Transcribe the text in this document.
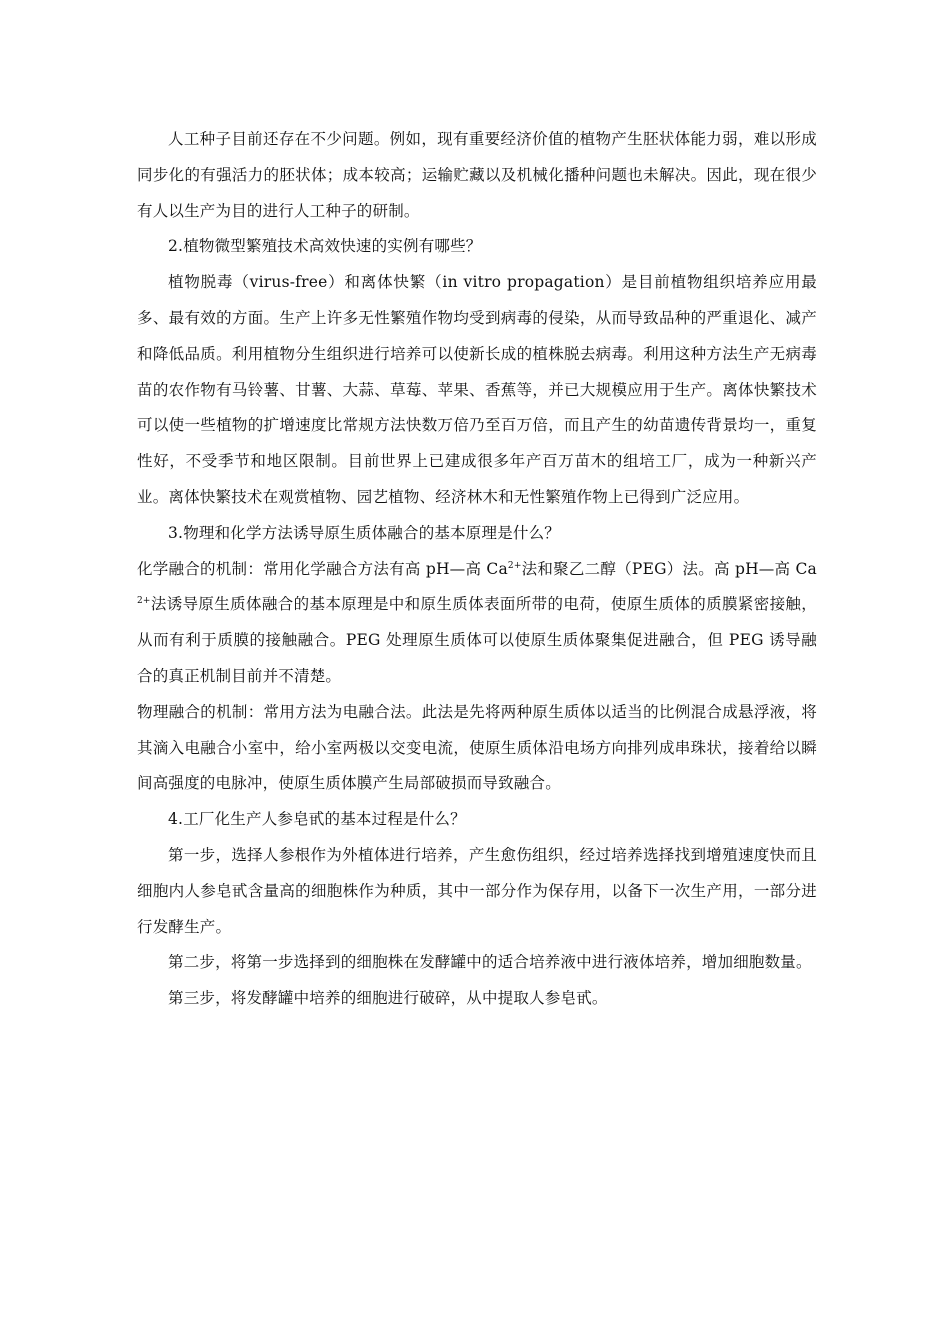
人工种子目前还存在不少问题。例如，现有重要经济价值的植物产生胚状体能力弱，难以形成同步化的有强活力的胚状体；成本较高；运输贮藏以及机械化播种问题也未解决。因此，现在很少有人以生产为目的进行人工种子的研制。

2.植物微型繁殖技术高效快速的实例有哪些？

植物脱毒（virus-free）和离体快繁（in vitro propagation）是目前植物组织培养应用最多、最有效的方面。生产上许多无性繁殖作物均受到病毒的侵染，从而导致品种的严重退化、减产和降低品质。利用植物分生组织进行培养可以使新长成的植株脱去病毒。利用这种方法生产无病毒苗的农作物有马铃薯、甘薯、大蒜、草莓、苹果、香蕉等，并已大规模应用于生产。离体快繁技术可以使一些植物的扩增速度比常规方法快数万倍乃至百万倍，而且产生的幼苗遗传背景均一，重复性好，不受季节和地区限制。目前世界上已建成很多年产百万苗木的组培工厂，成为一种新兴产业。离体快繁技术在观赏植物、园艺植物、经济林木和无性繁殖作物上已得到广泛应用。

3.物理和化学方法诱导原生质体融合的基本原理是什么？

化学融合的机制：常用化学融合方法有高 pH—高 $Ca^{2+}$法和聚乙二醇（PEG）法。高 pH—高 $Ca^{2+}$法诱导原生质体融合的基本原理是中和原生质体表面所带的电荷，使原生质体的质膜紧密接触，从而有利于质膜的接触融合。PEG 处理原生质体可以使原生质体聚集促进融合，但 PEG 诱导融合的真正机制目前并不清楚。

物理融合的机制：常用方法为电融合法。此法是先将两种原生质体以适当的比例混合成悬浮液，将其滴入电融合小室中，给小室两极以交变电流，使原生质体沿电场方向排列成串珠状，接着给以瞬间高强度的电脉冲，使原生质体膜产生局部破损而导致融合。

4.工厂化生产人参皂甙的基本过程是什么？

第一步，选择人参根作为外植体进行培养，产生愈伤组织，经过培养选择找到增殖速度快而且细胞内人参皂甙含量高的细胞株作为种质，其中一部分作为保存用，以备下一次生产用，一部分进行发酵生产。

第二步，将第一步选择到的细胞株在发酵罐中的适合培养液中进行液体培养，增加细胞数量。

第三步，将发酵罐中培养的细胞进行破碎，从中提取人参皂甙。
